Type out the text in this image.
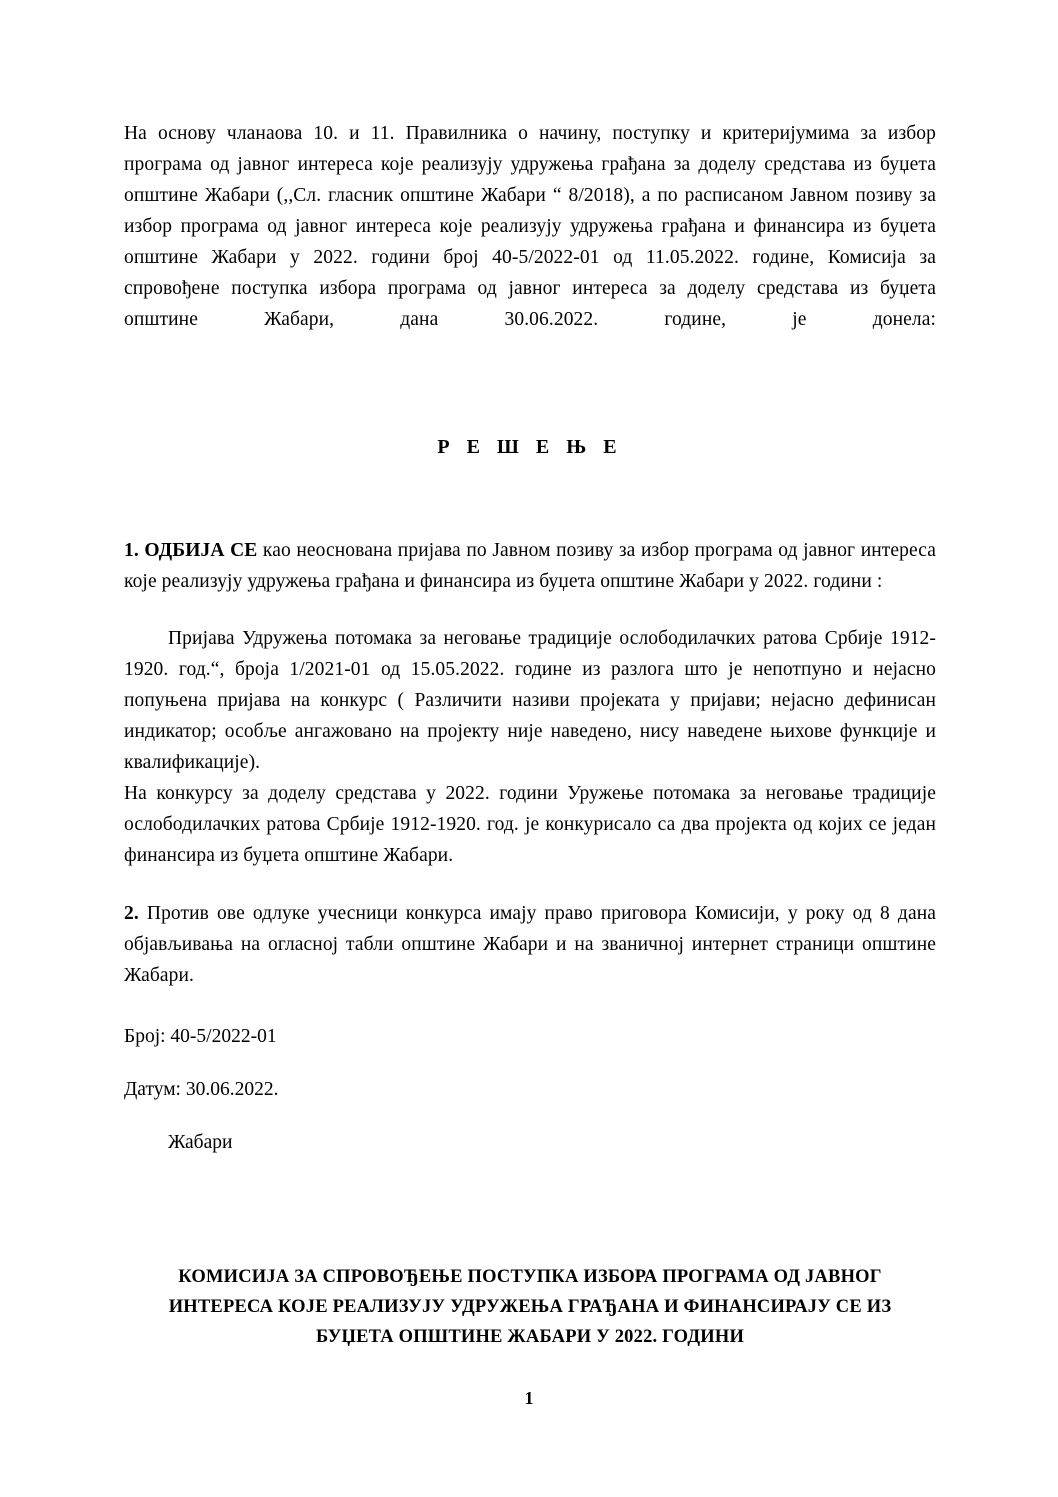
На основу чланаова 10. и 11. Правилника о начину, поступку и критеријумима за избор програма од јавног интереса које реализују удружења грађана за доделу средстава из буџета општине Жабари (,,Сл. гласник општине Жабари “ 8/2018), а по расписаном Јавном позиву за избор програма од јавног интереса које реализују удружења грађана и финансира из буџета општине Жабари у 2022. години број 40-5/2022-01 од 11.05.2022. године, Комисија за спровођене поступка избора програма од јавног интереса за доделу средстава из буџета општине Жабари, дана 30.06.2022. године, је донела:

Р Е Ш Е Њ Е

1. ОДБИЈА СЕ као неоснована пријава по Јавном позиву за избор програма од јавног интереса које реализују удружења грађана и финансира из буџета општине Жабари у 2022. години :

Пријава Удружења потомака за неговање традиције ослободилачких ратова Србије 1912-1920. год.“, броја 1/2021-01 од 15.05.2022. године из разлога што је непотпуно и нејасно попуњена пријава на конкурс ( Различити називи пројеката у пријави; нејасно дефинисан индикатор; особље ангажовано на пројекту није наведено, нису наведене њихове функције и квалификације).

На конкурсу за доделу средстава у 2022. години Уружење потомака за неговање традиције ослободилачких ратова Србије 1912-1920. год. је конкурисало са два пројекта од којих се један финансира из буџета општине Жабари.

2. Против ове одлуке учесници конкурса имају право приговора Комисији, у року од 8 дана објављивања на огласној табли општине Жабари и на званичној интернет страници општине Жабари.

Број: 40-5/2022-01
Датум: 30.06.2022.
Жабари
КОМИСИЈА ЗА СПРОВОЂЕЊЕ ПОСТУПКА ИЗБОРА ПРОГРАМА ОД ЈАВНОГ
ИНТЕРЕСА КОЈЕ РЕАЛИЗУЈУ УДРУЖЕЊА ГРАЂАНА И ФИНАНСИРАЈУ СЕ ИЗ
БУЏЕТА ОПШТИНЕ ЖАБАРИ У 2022. ГОДИНИ
1
